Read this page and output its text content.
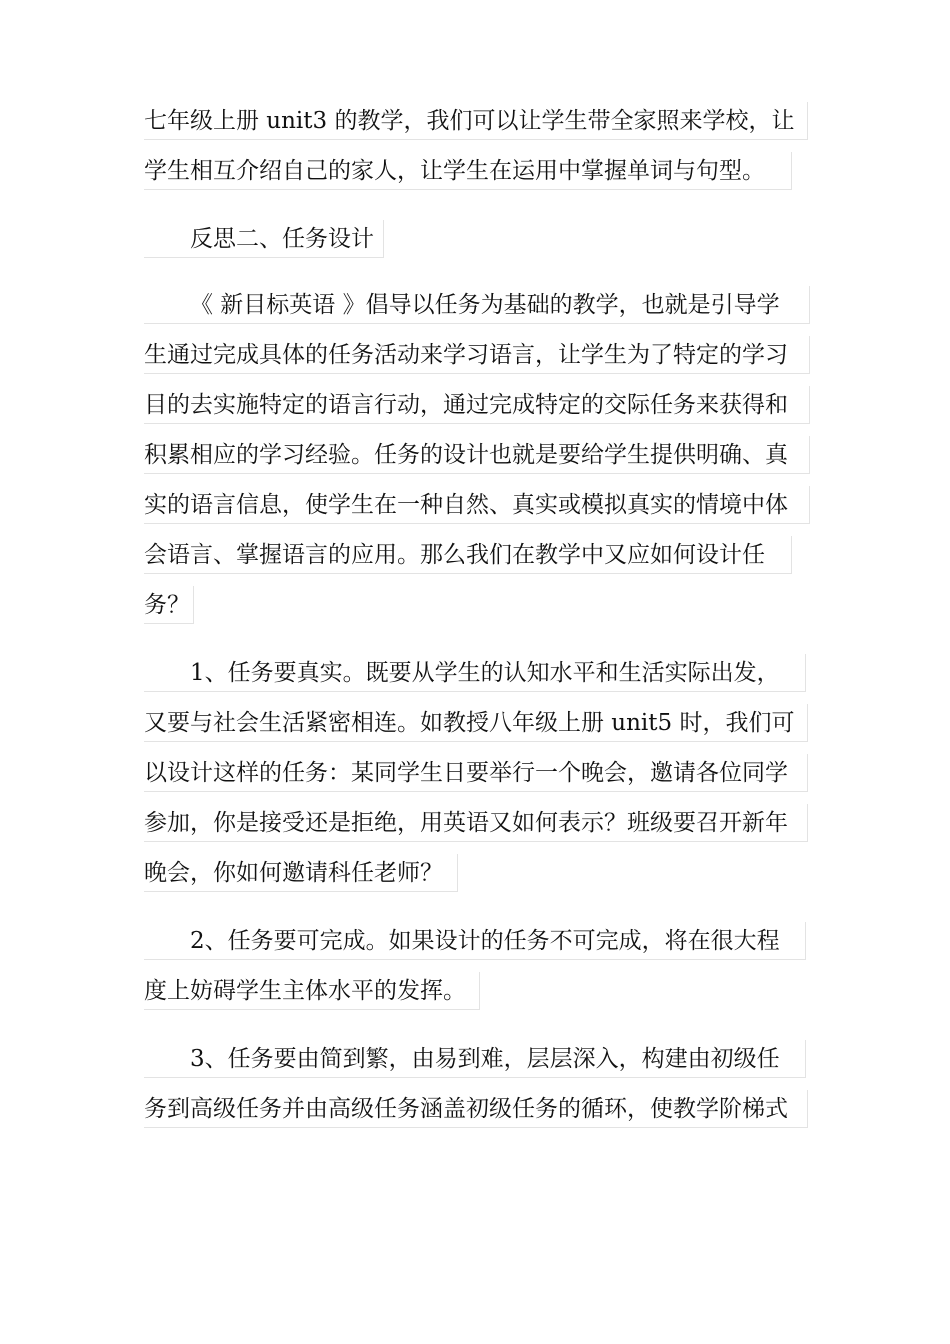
七年级上册 unit3 的教学，我们可以让学生带全家照来学校，让
学生相互介绍自己的家人，让学生在运用中掌握单词与句型。
反思二、任务设计
《 新目标英语 》倡导以任务为基础的教学，也就是引导学
生通过完成具体的任务活动来学习语言，让学生为了特定的学习
目的去实施特定的语言行动，通过完成特定的交际任务来获得和
积累相应的学习经验。任务的设计也就是要给学生提供明确、真
实的语言信息，使学生在一种自然、真实或模拟真实的情境中体
会语言、掌握语言的应用。那么我们在教学中又应如何设计任
务？
1、任务要真实。既要从学生的认知水平和生活实际出发，
又要与社会生活紧密相连。如教授八年级上册 unit5 时，我们可
以设计这样的任务：某同学生日要举行一个晚会，邀请各位同学
参加，你是接受还是拒绝，用英语又如何表示？班级要召开新年
晚会，你如何邀请科任老师？
2、任务要可完成。如果设计的任务不可完成，将在很大程
度上妨碍学生主体水平的发挥。
3、任务要由简到繁，由易到难，层层深入，构建由初级任
务到高级任务并由高级任务涵盖初级任务的循环，使教学阶梯式
